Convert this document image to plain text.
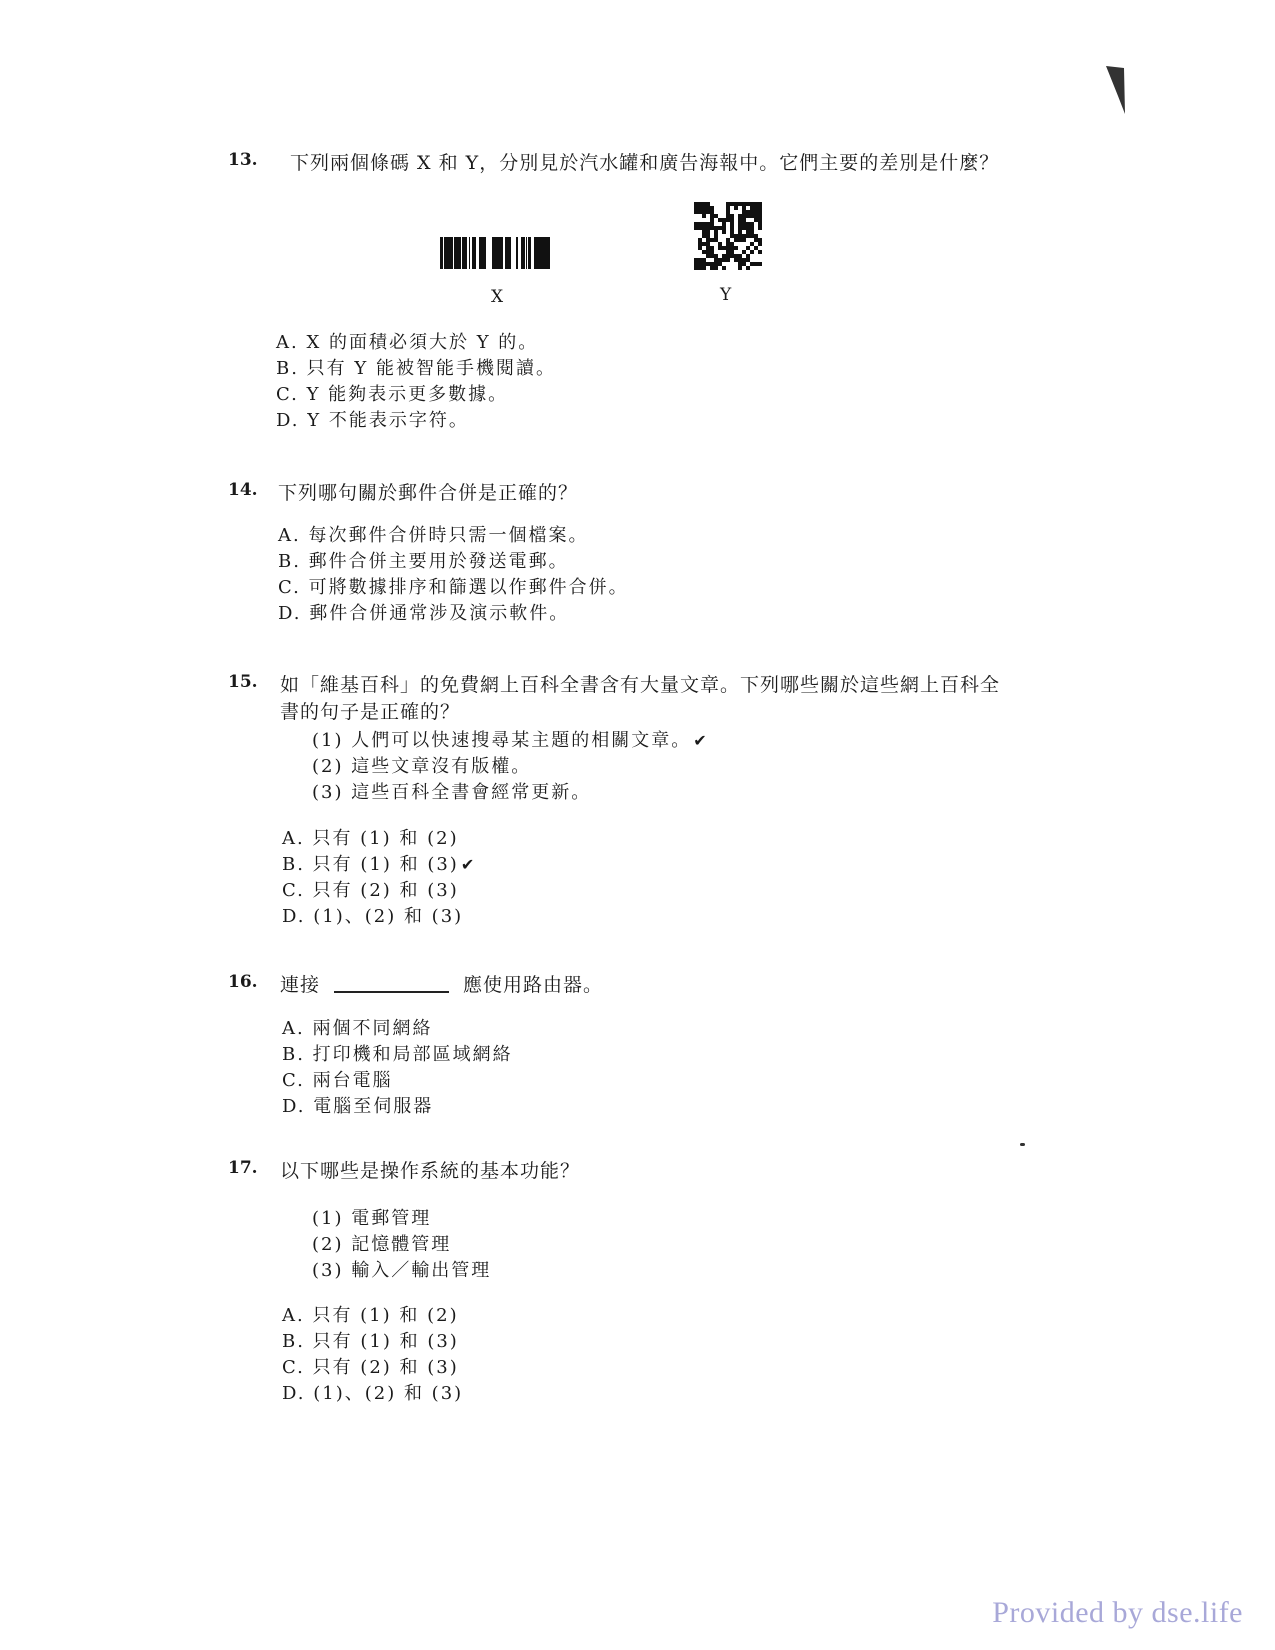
13. 下列兩個條碼 X 和 Y，分別見於汽水罐和廣告海報中。它們主要的差別是什麼？
X	Y
A. X 的面積必須大於 Y 的。
B. 只有 Y 能被智能手機閱讀。
C. Y 能夠表示更多數據。
D. Y 不能表示字符。
14. 下列哪句關於郵件合併是正確的？
A. 每次郵件合併時只需一個檔案。
B. 郵件合併主要用於發送電郵。
C. 可將數據排序和篩選以作郵件合併。
D. 郵件合併通常涉及演示軟件。
15. 如「維基百科」的免費網上百科全書含有大量文章。下列哪些關於這些網上百科全
書的句子是正確的？
(1) 人們可以快速搜尋某主題的相關文章。 ✔
(2) 這些文章沒有版權。
(3) 這些百科全書會經常更新。
A. 只有 (1) 和 (2)
B. 只有 (1) 和 (3) ✔
C. 只有 (2) 和 (3)
D. (1)、(2) 和 (3)
16. 連接	應使用路由器。
A. 兩個不同網絡
B. 打印機和局部區域網絡
C. 兩台電腦
D. 電腦至伺服器
17. 以下哪些是操作系統的基本功能？
(1) 電郵管理
(2) 記憶體管理
(3) 輸入／輸出管理
A. 只有 (1) 和 (2)
B. 只有 (1) 和 (3)
C. 只有 (2) 和 (3)
D. (1)、(2) 和 (3)
Provided by dse.life
